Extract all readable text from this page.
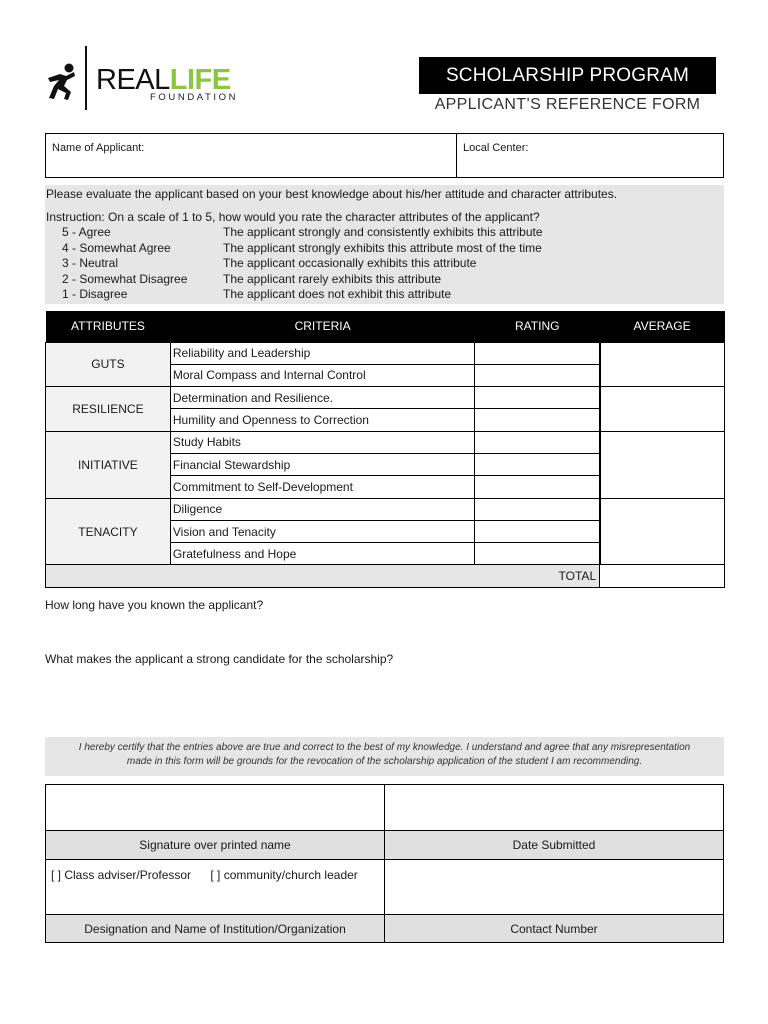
REALLIFE
FOUNDATION
SCHOLARSHIP PROGRAM
APPLICANT’S REFERENCE FORM
Name of Applicant:	Local Center:
Please evaluate the applicant based on your best knowledge about his/her attitude and character attributes.
Instruction: On a scale of 1 to 5, how would you rate the character attributes of the applicant?
5 - Agree	The applicant strongly and consistently exhibits this attribute
4 - Somewhat Agree	The applicant strongly exhibits this attribute most of the time
3 - Neutral	The applicant occasionally exhibits this attribute
2 - Somewhat Disagree	The applicant rarely exhibits this attribute
1 - Disagree	The applicant does not exhibit this attribute
ATTRIBUTES	CRITERIA	RATING	AVERAGE
GUTS	Reliability and Leadership		
	Moral Compass and Internal Control		
RESILIENCE	Determination and Resilience.		
	Humility and Openness to Correction		
INITIATIVE	Study Habits		
	Financial Stewardship		
	Commitment to Self-Development		
TENACITY	Diligence		
	Vision and Tenacity		
	Gratefulness and Hope		
TOTAL			
How long have you known the applicant?
What makes the applicant a strong candidate for the scholarship?
I hereby certify that the entries above are true and correct to the best of my knowledge. I understand and agree that any misrepresentation
made in this form will be grounds for the revocation of the scholarship application of the student I am recommending.

Signature over printed name	Date Submitted
[ ] Class adviser/Professor [ ] community/church leader	
Designation and Name of Institution/Organization	Contact Number
